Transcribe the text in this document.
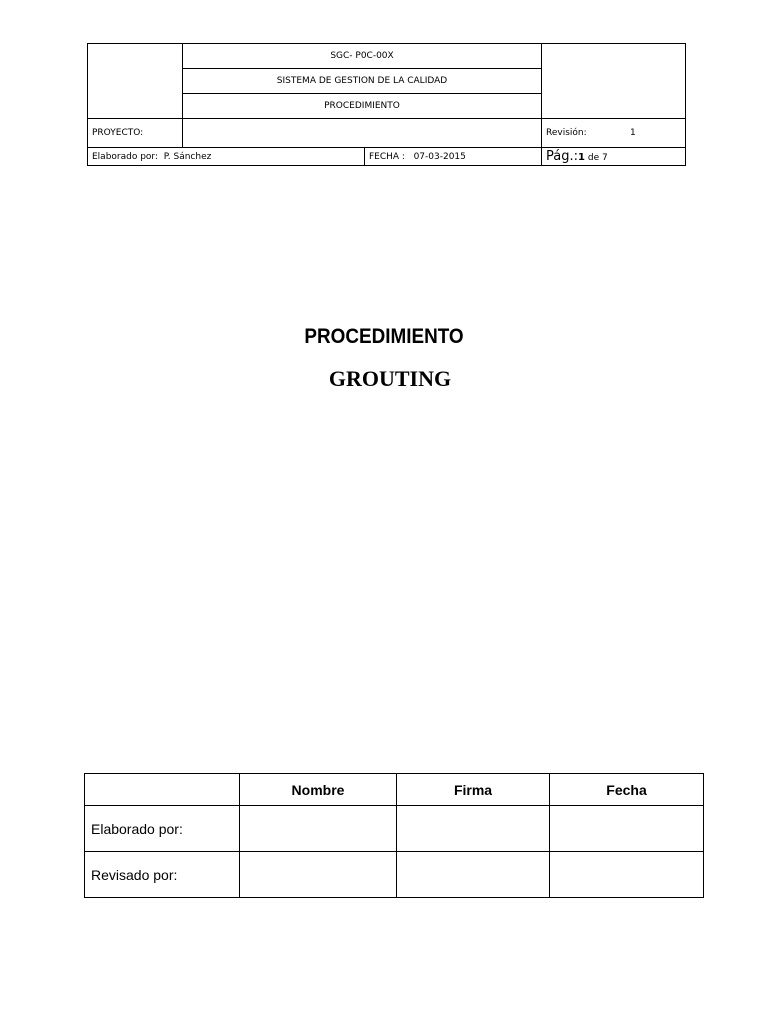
	SGC- P0C-00X		
	SISTEMA DE GESTION DE LA CALIDAD		
	PROCEDIMIENTO		
PROYECTO:			Revisión: 1
Elaborado por: P. Sánchez		FECHA : 07-03-2015	Pág.:1 de 7
PROCEDIMIENTO
GROUTING
	Nombre	Firma	Fecha
Elaborado por:			
Revisado por:			
